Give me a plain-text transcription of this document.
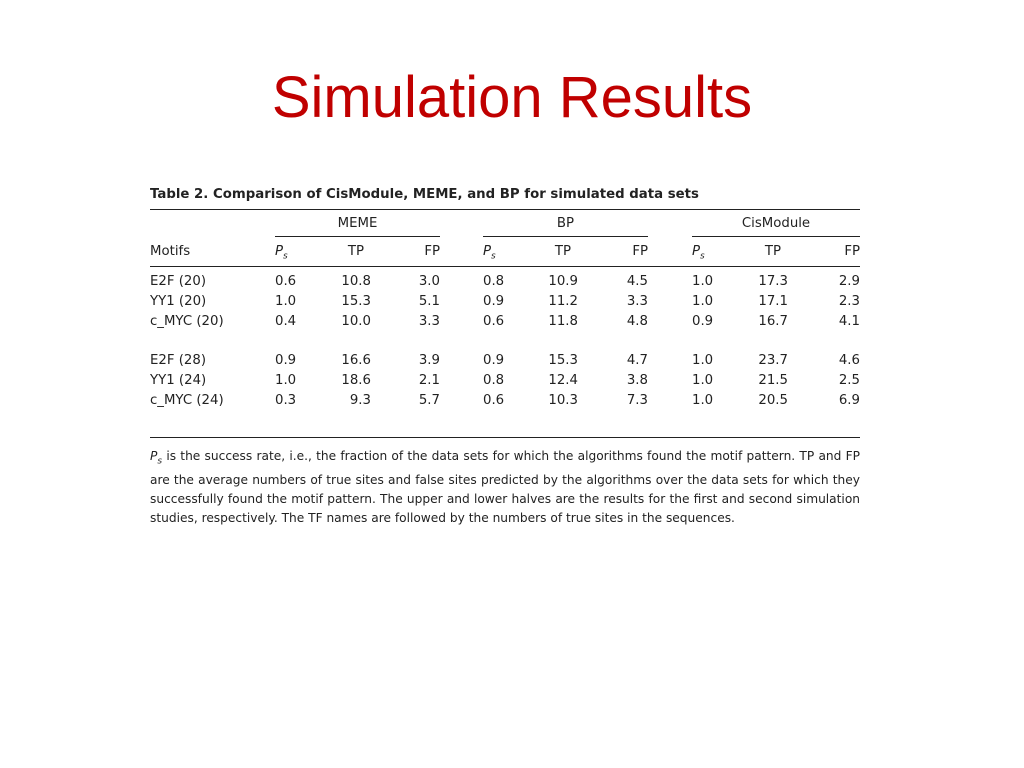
Simulation Results
Table 2. Comparison of CisModule, MEME, and BP for simulated data sets
MEME	BP	CisModule
Motifs	$P_s$	TP	FP	$P_s$	TP	FP	$P_s$	TP	FP
E2F (20)	0.6	10.8	3.0	0.8	10.9	4.5	1.0	17.3	2.9
YY1 (20)	1.0	15.3	5.1	0.9	11.2	3.3	1.0	17.1	2.3
c_MYC (20)	0.4	10.0	3.3	0.6	11.8	4.8	0.9	16.7	4.1
E2F (28)	0.9	16.6	3.9	0.9	15.3	4.7	1.0	23.7	4.6
YY1 (24)	1.0	18.6	2.1	0.8	12.4	3.8	1.0	21.5	2.5
c_MYC (24)	0.3	9.3	5.7	0.6	10.3	7.3	1.0	20.5	6.9
$P_s$ is the success rate, i.e., the fraction of the data sets for which the algorithms found the motif pattern. TP and FP are the average numbers of true sites and false sites predicted by the algorithms over the data sets for which they successfully found the motif pattern. The upper and lower halves are the results for the first and second simulation studies, respectively. The TF names are followed by the numbers of true sites in the sequences.
